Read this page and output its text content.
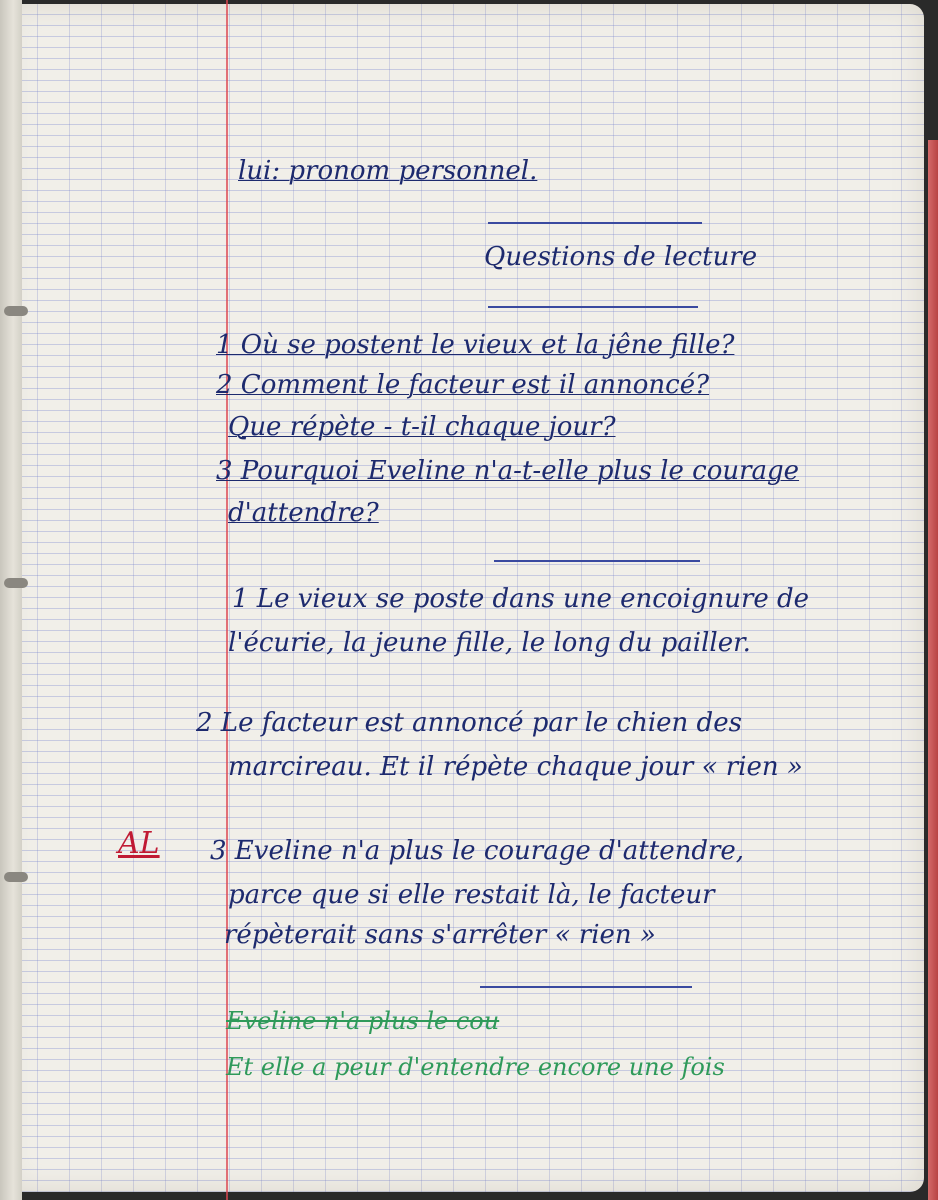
lui: pronom personnel.
Questions de lecture
1 Où se postent le vieux et la jêne fille?
2 Comment le facteur est il annoncé?
Que répète - t-il chaque jour?
3 Pourquoi Eveline n'a-t-elle plus le courage
d'attendre?
1 Le vieux se poste dans une encoignure de
l'écurie, la jeune fille, le long du pailler.
2 Le facteur est annoncé par le chien des
marcireau. Et il répète chaque jour « rien »
AL 3 Eveline n'a plus le courage d'attendre,
parce que si elle restait là, le facteur
répèterait sans s'arrêter « rien »
Eveline n'a plus le cou
Et elle a peur d'entendre encore une fois
